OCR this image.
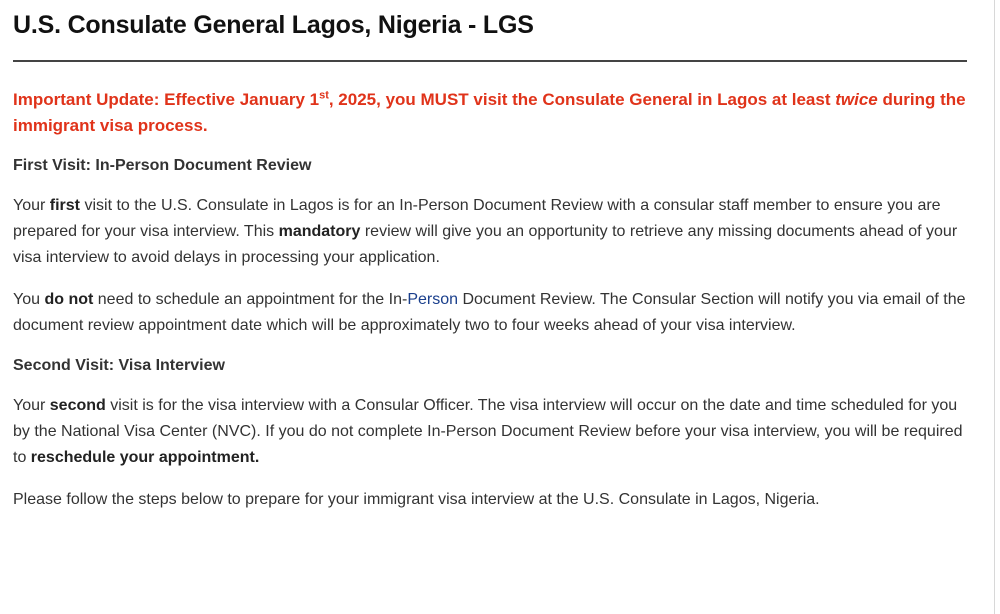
U.S. Consulate General Lagos, Nigeria - LGS
Important Update: Effective January 1st, 2025, you MUST visit the Consulate General in Lagos at least twice during the immigrant visa process.
First Visit: In-Person Document Review

Your first visit to the U.S. Consulate in Lagos is for an In-Person Document Review with a consular staff member to ensure you are prepared for your visa interview. This mandatory review will give you an opportunity to retrieve any missing documents ahead of your visa interview to avoid delays in processing your application.

You do not need to schedule an appointment for the In-Person Document Review. The Consular Section will notify you via email of the document review appointment date which will be approximately two to four weeks ahead of your visa interview.

Second Visit: Visa Interview

Your second visit is for the visa interview with a Consular Officer. The visa interview will occur on the date and time scheduled for you by the National Visa Center (NVC). If you do not complete In-Person Document Review before your visa interview, you will be required to reschedule your appointment.

Please follow the steps below to prepare for your immigrant visa interview at the U.S. Consulate in Lagos, Nigeria.
